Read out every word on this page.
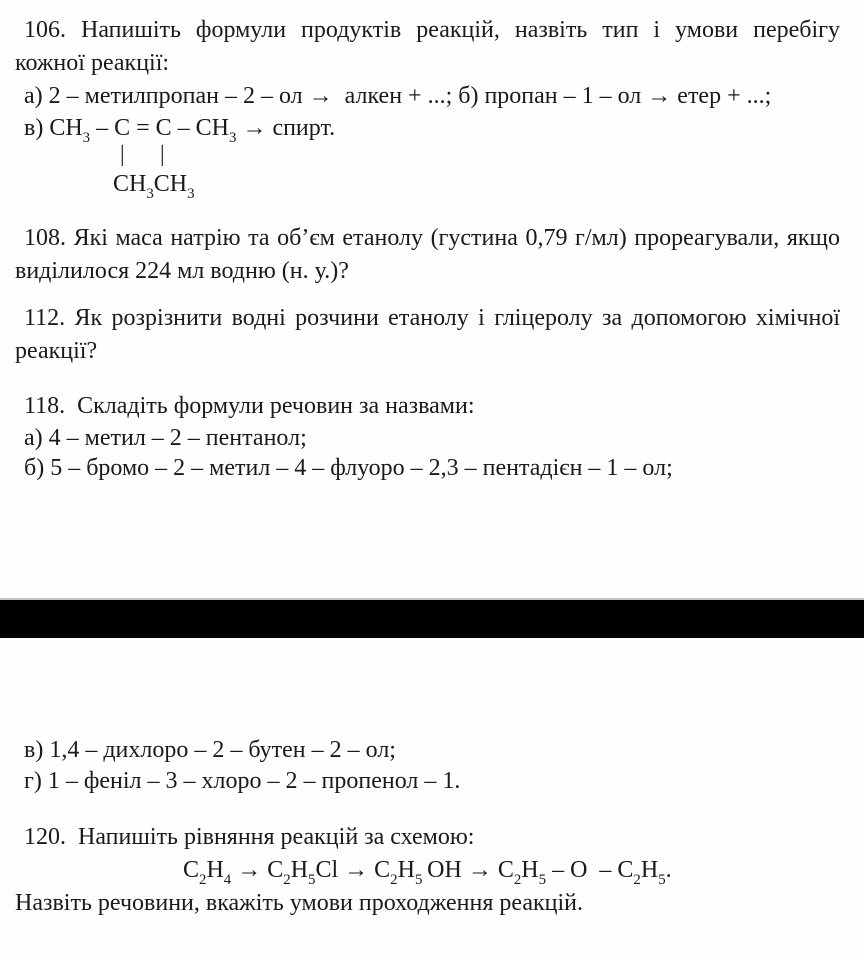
106. Напишіть формули продуктів реакцій, назвіть тип і умови перебігу
кожної реакції:
а) 2 – метилпропан – 2 – ол →  алкен + ...; б) пропан – 1 – ол → етер + ...;
в) $CH_3 - C = C - CH_3$ → спирт.
| |
$CH_3CH_3$
108. Які маса натрію та об’єм етанолу (густина 0,79 г/мл) прореагували, якщо
виділилося 224 мл водню (н. у.)?
112. Як розрізнити водні розчини етанолу і гліцеролу за допомогою хімічної
реакції?
118.  Складіть формули речовин за назвами:
а) 4 – метил – 2 – пентанол;
б) 5 – бромо – 2 – метил – 4 – флуоро – 2,3 – пентадієн – 1 – ол;
в) 1,4 – дихлоро – 2 – бутен – 2 – ол;
г) 1 – феніл – 3 – хлоро – 2 – пропенол – 1.
120.  Напишіть рівняння реакцій за схемою:
$C_2H_4 \to C_2H_5Cl \to C_2H_5$ OH → $C_2H_5$ – O  – $C_2H_5$.
Назвіть речовини, вкажіть умови проходження реакцій.
